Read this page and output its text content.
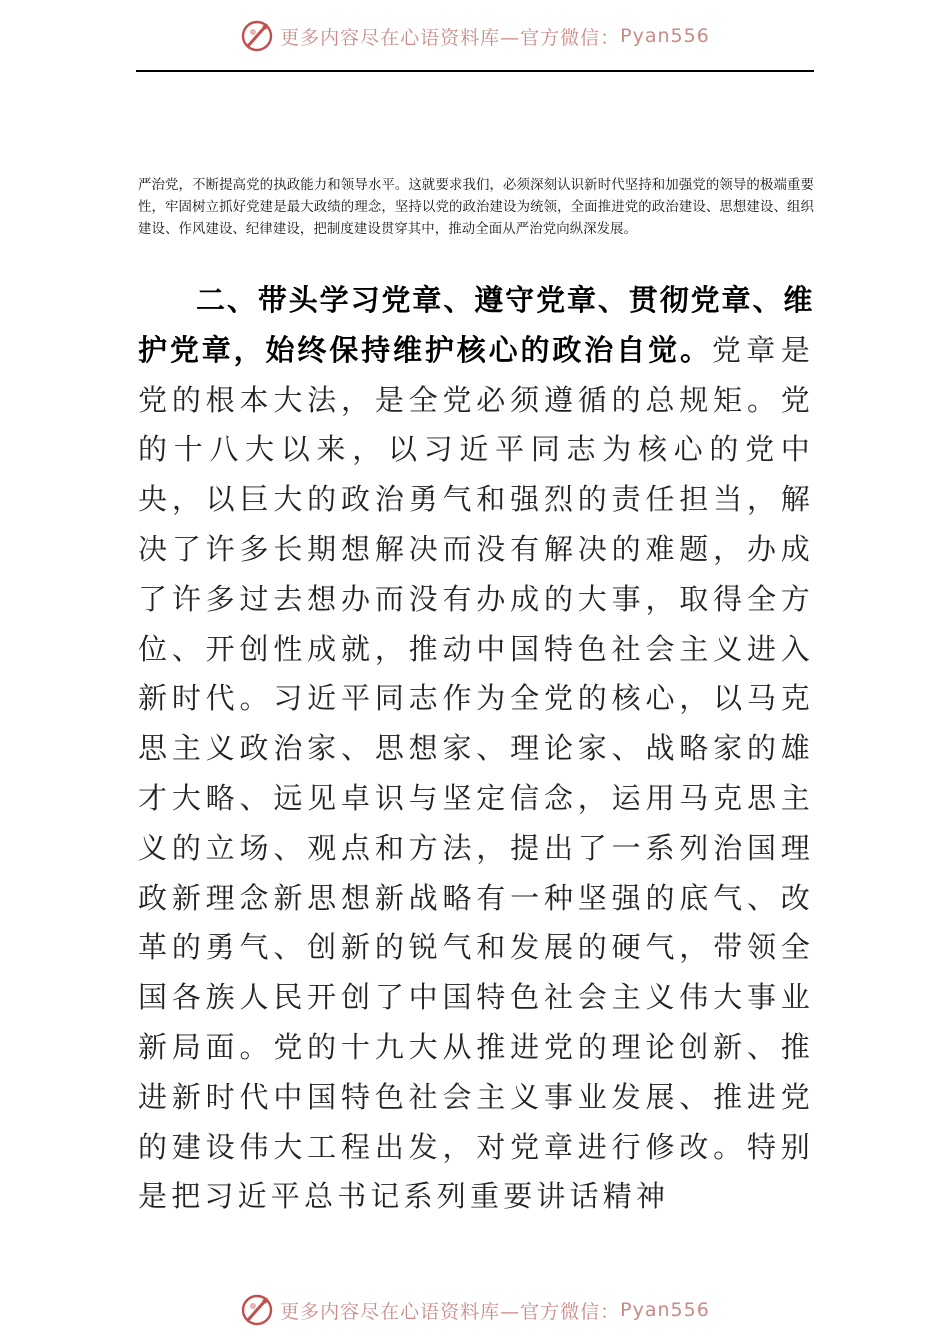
更多内容尽在心语资料库—官方微信： Pyan556
严治党，不断提高党的执政能力和领导水平。这就要求我们，必须深刻认识新时代坚持和加强党的领导的极端重要性，牢固树立抓好党建是最大政绩的理念，坚持以党的政治建设为统领，全面推进党的政治建设、思想建设、组织建设、作风建设、纪律建设，把制度建设贯穿其中，推动全面从严治党向纵深发展。
二、带头学习党章、遵守党章、贯彻党章、维护党章，始终保持维护核心的政治自觉。党章是党的根本大法，是全党必须遵循的总规矩。党的十八大以来，以习近平同志为核心的党中央，以巨大的政治勇气和强烈的责任担当，解决了许多长期想解决而没有解决的难题，办成了许多过去想办而没有办成的大事，取得全方位、开创性成就，推动中国特色社会主义进入新时代。习近平同志作为全党的核心，以马克思主义政治家、思想家、理论家、战略家的雄才大略、远见卓识与坚定信念，运用马克思主义的立场、观点和方法，提出了一系列治国理政新理念新思想新战略有一种坚强的底气、改革的勇气、创新的锐气和发展的硬气，带领全国各族人民开创了中国特色社会主义伟大事业新局面。党的十九大从推进党的理论创新、推进新时代中国特色社会主义事业发展、推进党的建设伟大工程出发，对党章进行修改。特别是把习近平总书记系列重要讲话精神
更多内容尽在心语资料库—官方微信： Pyan556
